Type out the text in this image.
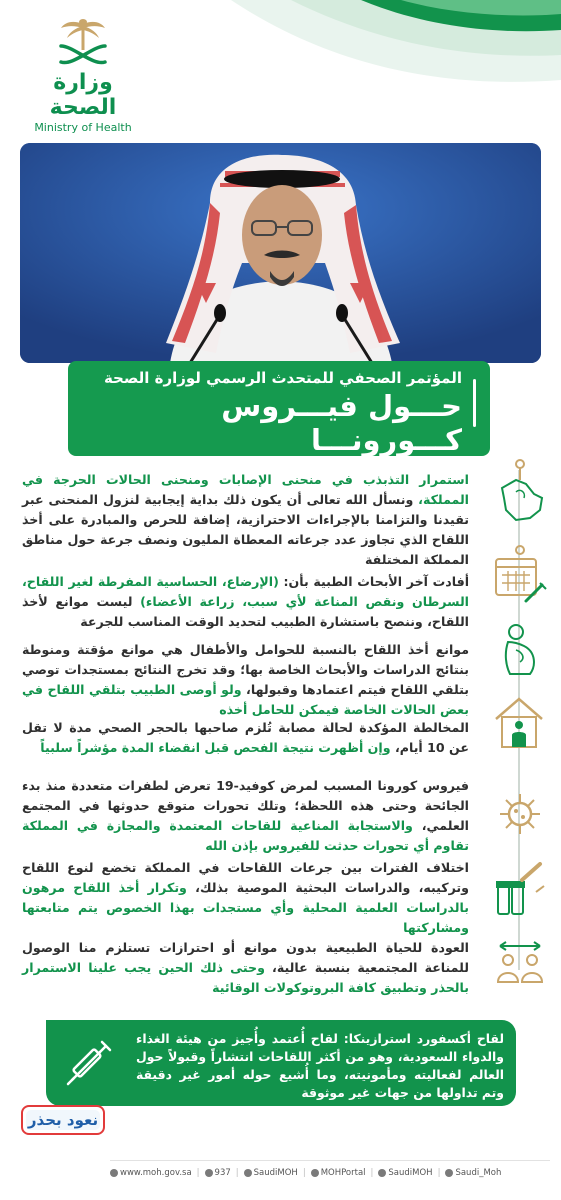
وزارة الصحة
Ministry of Health
المؤتمر الصحفي للمتحدث الرسمي لوزارة الصحة
حـــول فيـــروس كـــورونـــا
9 مارس 2021 م I 25 رجب 1442 هـ.
استمرار التذبذب في منحنى الإصابات ومنحنى الحالات الحرجة في المملكة، ونسأل الله تعالى أن يكون ذلك بداية إيجابية لنزول المنحنى عبر تقيدنا والتزامنا بالإجراءات الاحترازية، إضافة للحرص والمبادرة على أخذ اللقاح الذي تجاوز عدد جرعاته المعطاة المليون ونصف جرعة حول مناطق المملكة المختلفة
أفادت آخر الأبحاث الطبية بأن: (الإرضاع، الحساسية المفرطة لغير اللقاح، السرطان ونقص المناعة لأي سبب، زراعة الأعضاء) ليست موانع لأخذ اللقاح، وننصح باستشارة الطبيب لتحديد الوقت المناسب للجرعة
موانع أخذ اللقاح بالنسبة للحوامل والأطفال هي موانع مؤقتة ومنوطة بنتائج الدراسات والأبحاث الخاصة بها؛ وقد تخرج النتائج بمستجدات توصي بتلقي اللقاح فيتم اعتمادها وقبولها، ولو أوصى الطبيب بتلقي اللقاح في بعض الحالات الخاصة فيمكن للحامل أخذه
المخالطة المؤكدة لحالة مصابة تُلزم صاحبها بالحجر الصحي مدة لا تقل عن 10 أيام، وإن أظهرت نتيجة الفحص قبل انقضاء المدة مؤشراً سلبياً
فيروس كورونا المسبب لمرض كوفيد-19 تعرض لطفرات متعددة منذ بدء الجائحة وحتى هذه اللحظة؛ وتلك تحورات متوقع حدوثها في المجتمع العلمي، والاستجابة المناعية للقاحات المعتمدة والمجازة في المملكة تقاوم أي تحورات حدثت للفيروس بإذن الله
اختلاف الفترات بين جرعات اللقاحات في المملكة تخضع لنوع اللقاح وتركيبه، والدراسات البحثية الموصية بذلك، وتكرار أخذ اللقاح مرهون بالدراسات العلمية المحلية وأي مستجدات بهذا الخصوص يتم متابعتها ومشاركتها
العودة للحياة الطبيعية بدون موانع أو احترازات تستلزم منا الوصول للمناعة المجتمعية بنسبة عالية، وحتى ذلك الحين يجب علينا الاستمرار بالحذر وتطبيق كافة البروتوكولات الوقائية
لقاح أكسفورد استرازينكا: لقاح أُعتمد وأُجيز من هيئة الغذاء والدواء السعودية، وهو من أكثر اللقاحات انتشاراً وقبولاً حول العالم لفعاليته ومأمونيته، وما أُشيع حوله أمور غير دقيقة وتم تداولها من جهات غير موثوقة
نعود بحذر
www.moh.gov.sa | 937 | SaudiMOH | MOHPortal | SaudiMOH | Saudi_Moh
